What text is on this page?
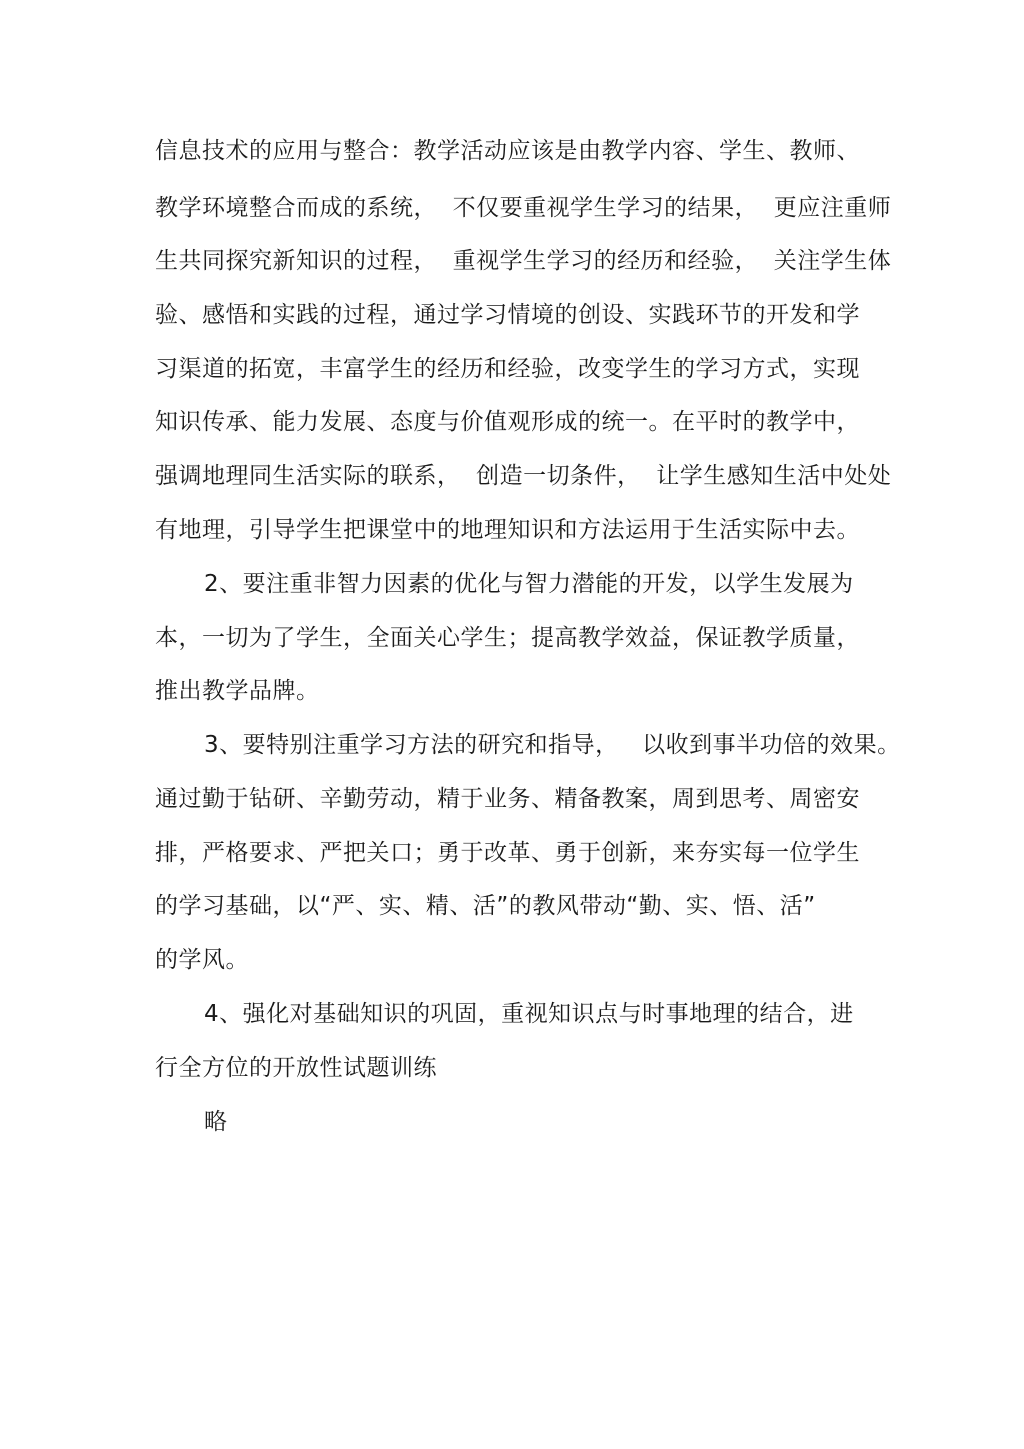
信息技术的应用与整合：教学活动应该是由教学内容、学生、教师、
教学环境整合而成的系统，  不仅要重视学生学习的结果，  更应注重师
生共同探究新知识的过程，  重视学生学习的经历和经验，  关注学生体
验、感悟和实践的过程，通过学习情境的创设、实践环节的开发和学
习渠道的拓宽，丰富学生的经历和经验，改变学生的学习方式，实现
知识传承、能力发展、态度与价值观形成的统一。在平时的教学中，
强调地理同生活实际的联系，  创造一切条件，  让学生感知生活中处处
有地理，引导学生把课堂中的地理知识和方法运用于生活实际中去。
2、要注重非智力因素的优化与智力潜能的开发，以学生发展为
本，一切为了学生，全面关心学生；提高教学效益，保证教学质量，
推出教学品牌。
3、要特别注重学习方法的研究和指导，   以收到事半功倍的效果。
通过勤于钻研、辛勤劳动，精于业务、精备教案，周到思考、周密安
排，严格要求、严把关口；勇于改革、勇于创新，来夯实每一位学生
的学习基础，以“严、实、精、活”的教风带动“勤、实、悟、活”
的学风。
4、强化对基础知识的巩固，重视知识点与时事地理的结合，进
行全方位的开放性试题训练
略
